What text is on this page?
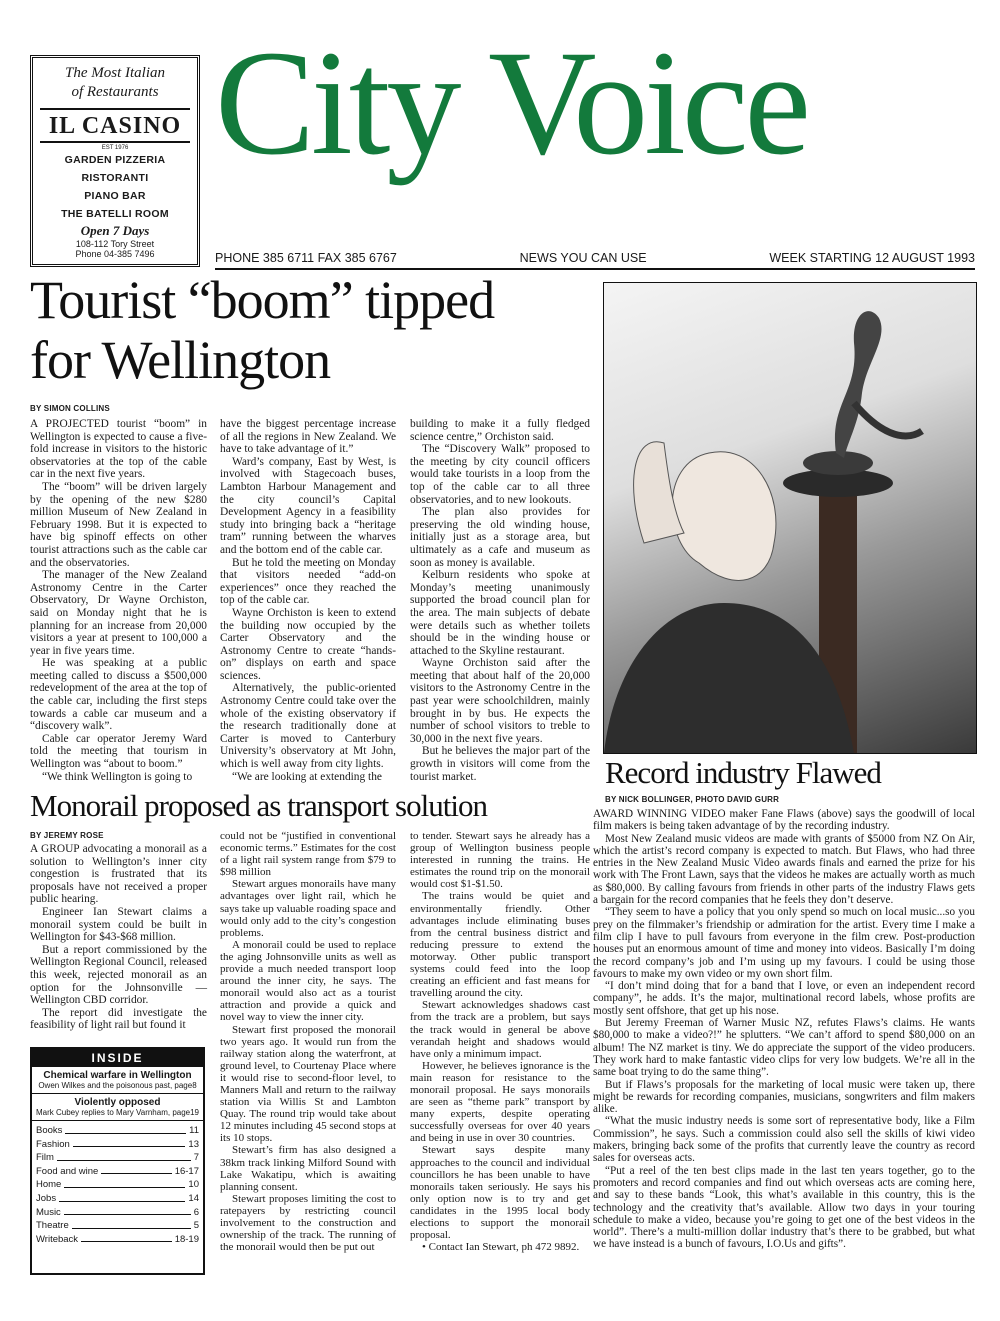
The Most Italian
of Restaurants
IL CASINO
EST 1976
GARDEN PIZZERIA
RISTORANTI
PIANO BAR
THE BATELLI ROOM
Open 7 Days
108-112 Tory Street
Phone 04-385 7496
City Voice
PHONE 385 6711 FAX 385 6767	NEWS YOU CAN USE	WEEK STARTING 12 AUGUST 1993
Tourist “boom” tipped
for Wellington
BY SIMON COLLINS

A PROJECTED tourist “boom” in Wellington is expected to cause a five-fold increase in visitors to the historic observatories at the top of the cable car in the next five years.

The “boom” will be driven largely by the opening of the new $280 million Museum of New Zealand in February 1998. But it is expected to have big spinoff effects on other tourist attractions such as the cable car and the observatories.

The manager of the New Zealand Astronomy Centre in the Carter Observatory, Dr Wayne Orchiston, said on Monday night that he is planning for an increase from 20,000 visitors a year at present to 100,000 a year in five years time.

He was speaking at a public meeting called to discuss a $500,000 redevelopment of the area at the top of the cable car, including the first steps towards a cable car museum and a “discovery walk”.

Cable car operator Jeremy Ward told the meeting that tourism in Wellington was “about to boom.”

“We think Wellington is going to

have the biggest percentage increase of all the regions in New Zealand. We have to take advantage of it.”

Ward’s company, East by West, is involved with Stagecoach buses, Lambton Harbour Management and the city council’s Capital Development Agency in a feasibility study into bringing back a “heritage tram” running between the wharves and the bottom end of the cable car.

But he told the meeting on Monday that visitors needed “add-on experiences” once they reached the top of the cable car.

Wayne Orchiston is keen to extend the building now occupied by the Carter Observatory and the Astronomy Centre to create “hands-on” displays on earth and space sciences.

Alternatively, the public-oriented Astronomy Centre could take over the whole of the existing observatory if the research traditionally done at Carter is moved to Canterbury University’s observatory at Mt John, which is well away from city lights.

“We are looking at extending the

building to make it a fully fledged science centre,” Orchiston said.

The “Discovery Walk” proposed to the meeting by city council officers would take tourists in a loop from the top of the cable car to all three observatories, and to new lookouts.

The plan also provides for preserving the old winding house, initially just as a storage area, but ultimately as a cafe and museum as soon as money is available.

Kelburn residents who spoke at Monday’s meeting unanimously supported the broad council plan for the area. The main subjects of debate were details such as whether toilets should be in the winding house or attached to the Skyline restaurant.

Wayne Orchiston said after the meeting that about half of the 20,000 visitors to the Astronomy Centre in the past year were schoolchildren, mainly brought in by bus. He expects the number of school visitors to treble to 30,000 in the next five years.

But he believes the major part of the growth in visitors will come from the tourist market.	Record industry Flawed
BY NICK BOLLINGER, PHOTO DAVID GURR

AWARD WINNING VIDEO maker Fane Flaws (above) says the goodwill of local film makers is being taken advantage of by the recording industry.

Most New Zealand music videos are made with grants of $5000 from NZ On Air, which the artist’s record company is expected to match. But Flaws, who had three entries in the New Zealand Music Video awards finals and earned the prize for his work with The Front Lawn, says that the videos he makes are actually worth as much as $80,000. By calling favours from friends in other parts of the industry Flaws gets a bargain for the record companies that he feels they don’t deserve.

“They seem to have a policy that you only spend so much on local music...so you prey on the filmmaker’s friendship or admiration for the artist. Every time I make a film clip I have to pull favours from everyone in the film crew. Post-production houses put an enormous amount of time and money into videos. Basically I’m doing the record company’s job and I’m using up my favours. I could be using those favours to make my own video or my own short film.

“I don’t mind doing that for a band that I love, or even an independent record company”, he adds. It’s the major, multinational record labels, whose profits are mostly sent offshore, that get up his nose.

But Jeremy Freeman of Warner Music NZ, refutes Flaws’s claims. He wants $80,000 to make a video?!” he splutters. “We can’t afford to spend $80,000 on an album! The NZ market is tiny. We do appreciate the support of the video producers. They work hard to make fantastic video clips for very low budgets. We’re all in the same boat trying to do the same thing”.

But if Flaws’s proposals for the marketing of local music were taken up, there might be rewards for recording companies, musicians, songwriters and film makers alike.

“What the music industry needs is some sort of representative body, like a Film Commission”, he says. Such a commission could also sell the skills of kiwi video makers, bringing back some of the profits that currently leave the country as record sales for overseas acts.

“Put a reel of the ten best clips made in the last ten years together, go to the promoters and record companies and find out which overseas acts are coming here, and say to these bands “Look, this what’s available in this country, this is the technology and the creativity that’s available. Allow two days in your touring schedule to make a video, because you’re going to get one of the best videos in the world”. There’s a multi-million dollar industry that’s there to be grabbed, but what we have instead is a bunch of favours, I.O.Us and gifts”.

Monorail proposed as transport solution
BY JEREMY ROSE

A GROUP advocating a monorail as a solution to Wellington’s inner city congestion is frustrated that its proposals have not received a proper public hearing.

Engineer Ian Stewart claims a monorail system could be built in Wellington for $43-$68 million.

But a report commissioned by the Wellington Regional Council, released this week, rejected monorail as an option for the Johnsonville — Wellington CBD corridor.

The report did investigate the feasibility of light rail but found it

could not be “justified in conventional economic terms.” Estimates for the cost of a light rail system range from $79 to $98 million

Stewart argues monorails have many advantages over light rail, which he says take up valuable roading space and would only add to the city’s congestion problems.

A monorail could be used to replace the aging Johnsonville units as well as provide a much needed transport loop around the inner city, he says. The monorail would also act as a tourist attraction and provide a quick and novel way to view the inner city.

Stewart first proposed the monorail two years ago. It would run from the railway station along the waterfront, at ground level, to Courtenay Place where it would rise to second-floor level, to Manners Mall and return to the railway station via Willis St and Lambton Quay. The round trip would take about 12 minutes including 45 second stops at its 10 stops.

Stewart’s firm has also designed a 38km track linking Milford Sound with Lake Wakatipu, which is awaiting planning consent.

Stewart proposes limiting the cost to ratepayers by restricting council involvement to the construction and ownership of the track. The running of the monorail would then be put out

to tender. Stewart says he already has a group of Wellington business people interested in running the trains. He estimates the round trip on the monorail would cost $1-$1.50.

The trains would be quiet and environmentally friendly. Other advantages include eliminating buses from the central business district and reducing pressure to extend the motorway. Other public transport systems could feed into the loop creating an efficient and fast means for travelling around the city.

Stewart acknowledges shadows cast from the track are a problem, but says the track would in general be above verandah height and shadows would have only a minimum impact.

However, he believes ignorance is the main reason for resistance to the monorail proposal. He says monorails are seen as “theme park” transport by many experts, despite operating successfully overseas for over 40 years and being in use in over 30 countries.

Stewart says despite many approaches to the council and individual councillors he has been unable to have monorails taken seriously. He says his only option now is to try and get candidates in the 1995 local body elections to support the monorail proposal.

• Contact Ian Stewart, ph 472 9892.

INSIDE
Chemical warfare in Wellington
Owen Wilkes and the poisonous past, page8
Violently opposed
Mark Cubey replies to Mary Varnham, page19
Books	11
Fashion	13
Film	7
Food and wine	16-17
Home	10
Jobs	14
Music	6
Theatre	5
Writeback	18-19
